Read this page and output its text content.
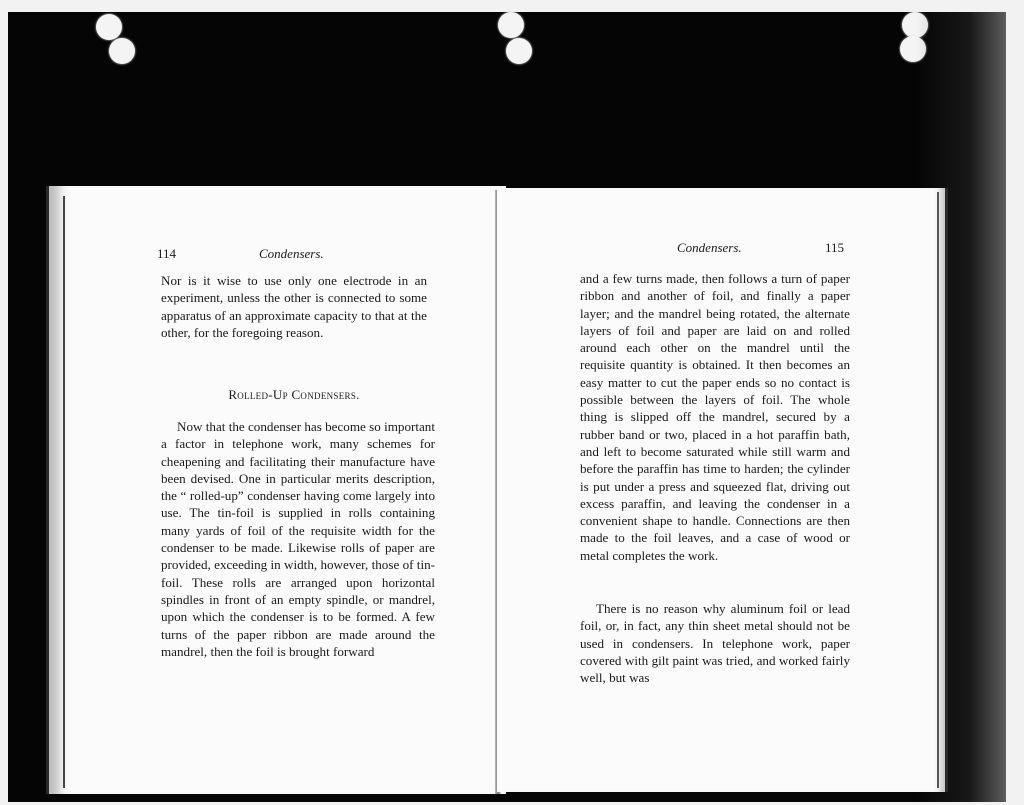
114	Condensers.

Nor is it wise to use only one electrode in an experiment, unless the other is connected to some apparatus of an approximate capacity to that at the other, for the foregoing reason.

Rolled-Up Condensers.

Now that the condenser has become so important a factor in telephone work, many schemes for cheapening and facilitating their manufacture have been devised. One in particular merits description, the “ rolled-up” condenser having come largely into use. The tin-foil is supplied in rolls containing many yards of foil of the requisite width for the condenser to be made. Likewise rolls of paper are provided, exceeding in width, however, those of tin-foil. These rolls are arranged upon horizontal spindles in front of an empty spindle, or mandrel, upon which the condenser is to be formed. A few turns of the paper ribbon are made around the mandrel, then the foil is brought forward

Condensers.	115

and a few turns made, then follows a turn of paper ribbon and another of foil, and finally a paper layer; and the mandrel being rotated, the alternate layers of foil and paper are laid on and rolled around each other on the mandrel until the requisite quantity is obtained. It then becomes an easy matter to cut the paper ends so no contact is possible between the layers of foil. The whole thing is slipped off the mandrel, secured by a rubber band or two, placed in a hot paraffin bath, and left to become saturated while still warm and before the paraffin has time to harden; the cylinder is put under a press and squeezed flat, driving out excess paraffin, and leaving the condenser in a convenient shape to handle. Connections are then made to the foil leaves, and a case of wood or metal completes the work.

There is no reason why aluminum foil or lead foil, or, in fact, any thin sheet metal should not be used in condensers. In telephone work, paper covered with gilt paint was tried, and worked fairly well, but was
